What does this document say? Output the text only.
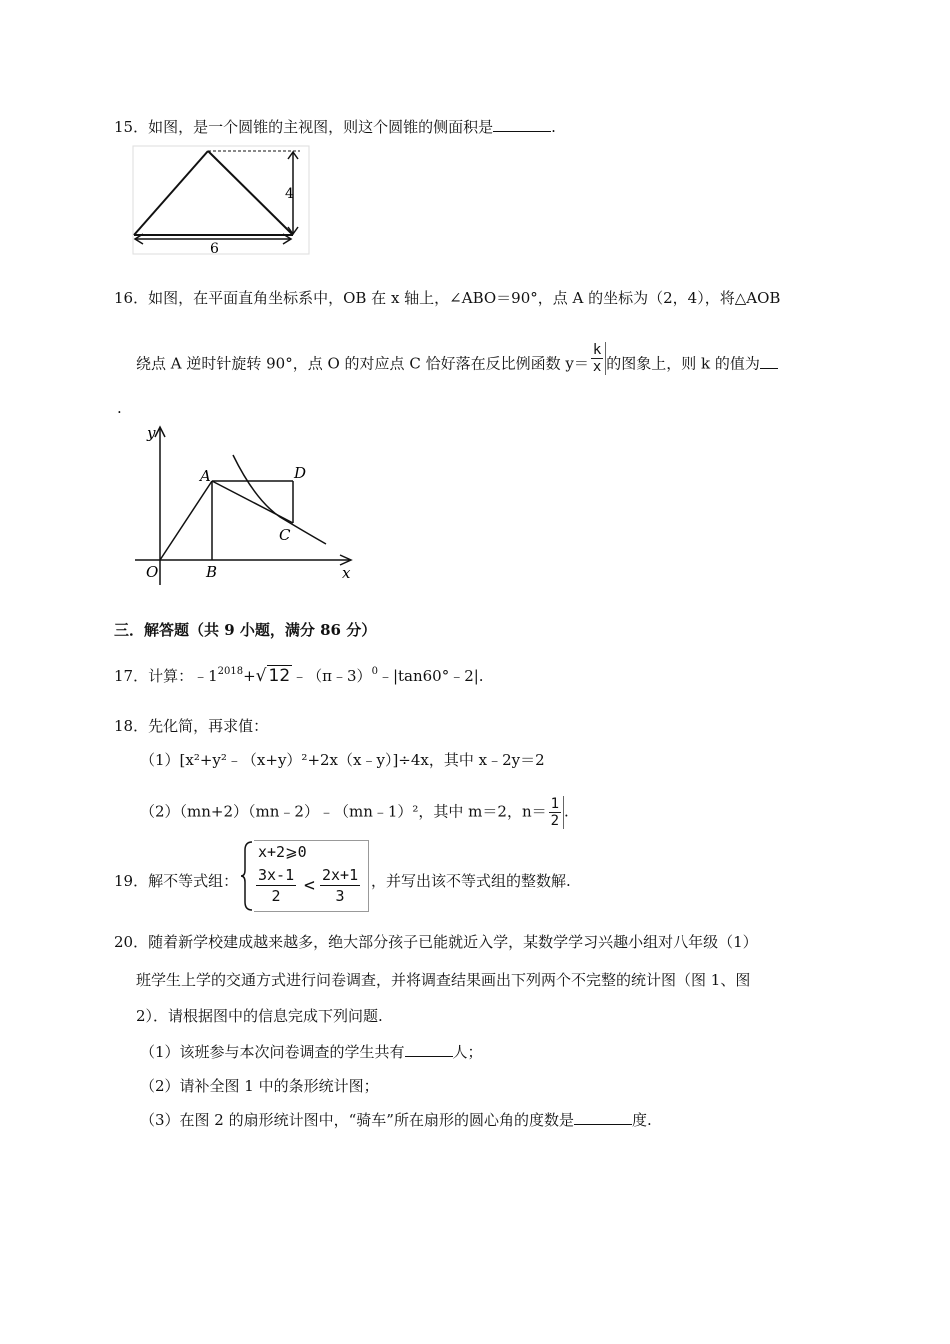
15．如图，是一个圆锥的主视图，则这个圆锥的侧面积是	.
4
6
16．如图，在平面直角坐标系中，OB 在 x 轴上，∠ABO＝90°，点 A 的坐标为（2，4），将△AOB
绕点 A 逆时针旋转 90°，点 O 的对应点 C 恰好落在反比例函数 $y= \frac{k}{x}$ 的图象上，则 k 的值为
.
y
x
O
A
B
C
D
三．解答题（共 9 小题，满分 86 分）
17．计算：$﹣1^{2018}+√$ 12 ﹣（π﹣3）$^0$﹣|tan60°﹣2|.
18．先化简，再求值：
（1）[x²+y²﹣（x+y）²+2x（x﹣y）]÷4x，其中 x﹣2y＝2
（2）（mn+2）（mn﹣2）﹣（mn﹣1）²，其中 m＝2，$n= \frac{1}{2}$ .
19．解不等式组：
x+2⩾0
3x-1
2	< 2x+1
3
，并写出该不等式组的整数解.
20．随着新学校建成越来越多，绝大部分孩子已能就近入学，某数学学习兴趣小组对八年级（1）
班学生上学的交通方式进行问卷调查，并将调查结果画出下列两个不完整的统计图（图 1、图
2）．请根据图中的信息完成下列问题.
（1）该班参与本次问卷调查的学生共有	人；
（2）请补全图 1 中的条形统计图；
（3）在图 2 的扇形统计图中，“骑车”所在扇形的圆心角的度数是	度.
